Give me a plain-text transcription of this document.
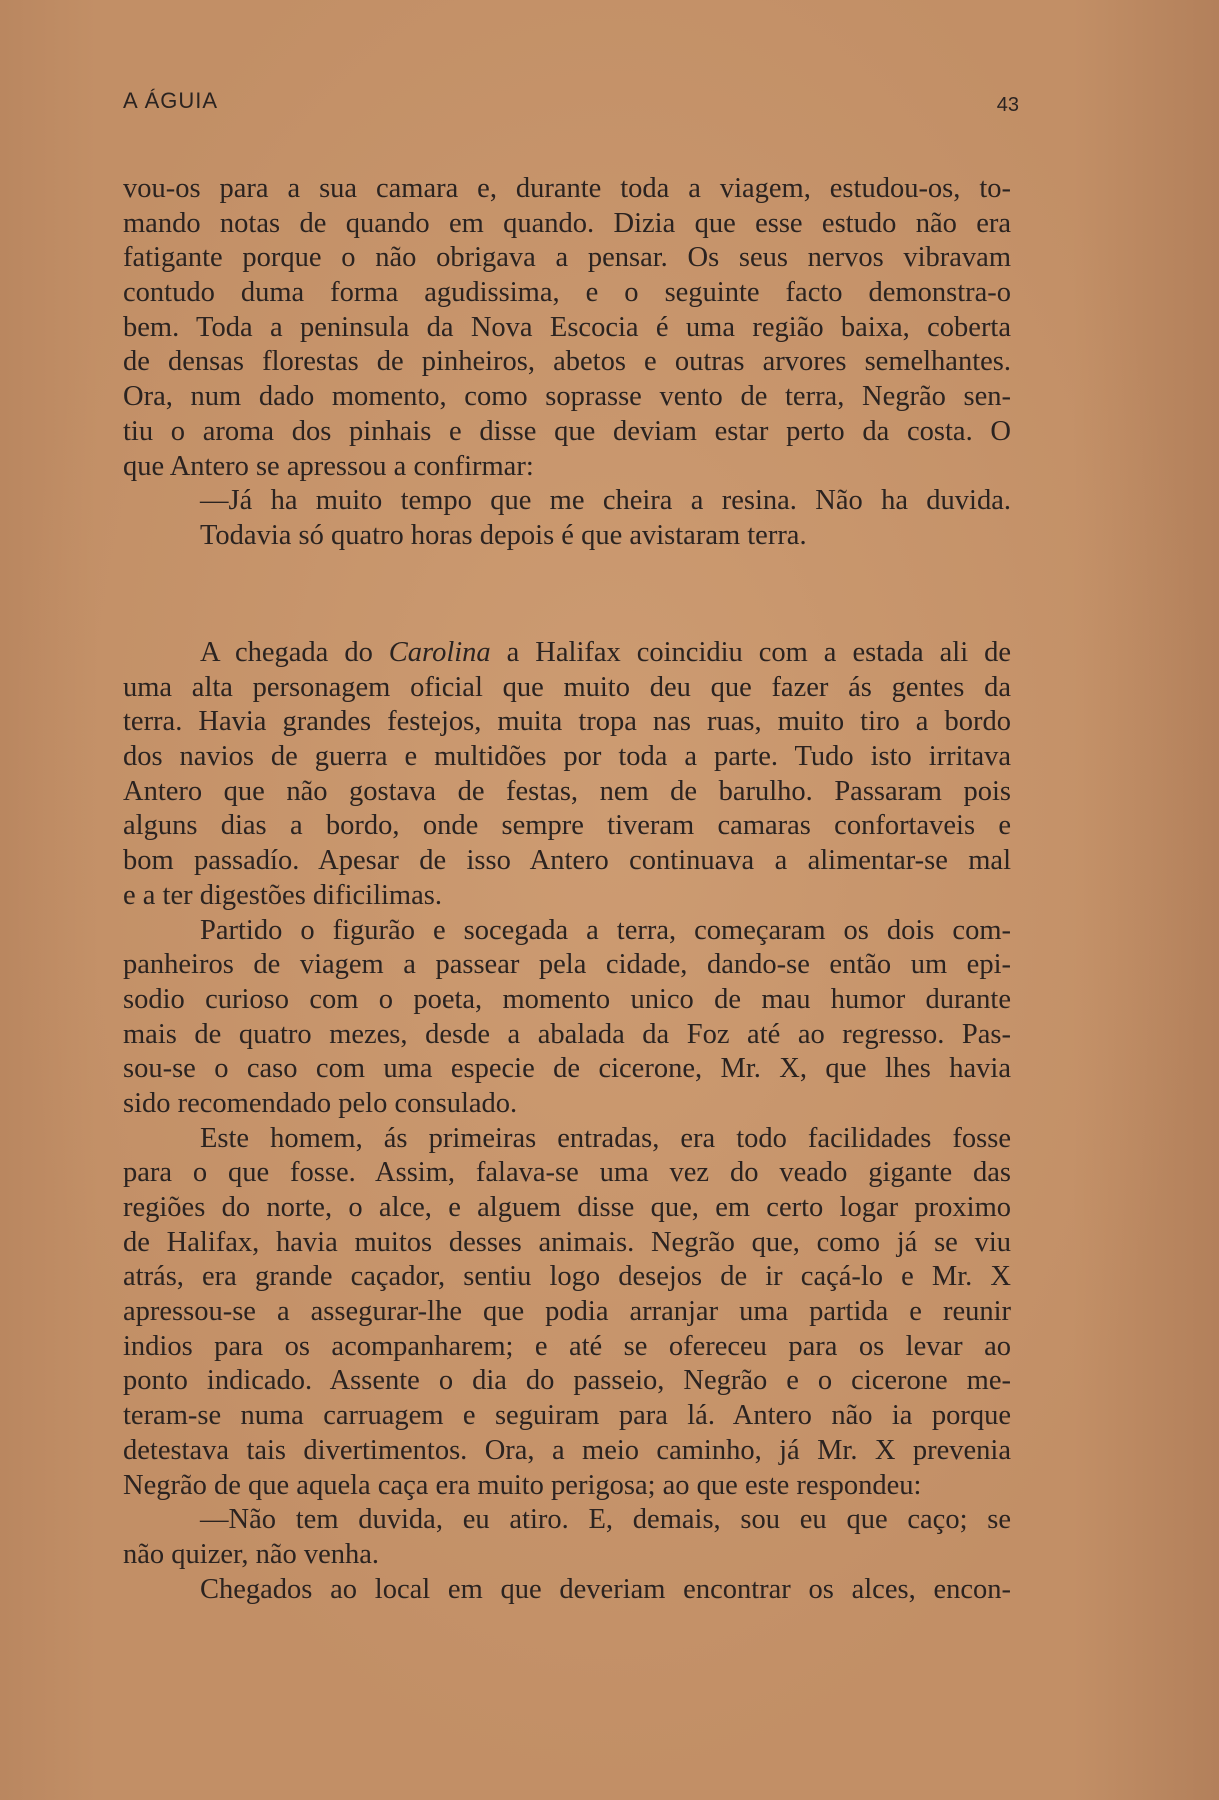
A ÁGUIA	43
vou-os para a sua camara e, durante toda a viagem, estudou-os, to-
mando notas de quando em quando. Dizia que esse estudo não era
fatigante porque o não obrigava a pensar. Os seus nervos vibravam
contudo duma forma agudissima, e o seguinte facto demonstra-o
bem. Toda a peninsula da Nova Escocia é uma região baixa, coberta
de densas florestas de pinheiros, abetos e outras arvores semelhantes.
Ora, num dado momento, como soprasse vento de terra, Negrão sen-
tiu o aroma dos pinhais e disse que deviam estar perto da costa. O
que Antero se apressou a confirmar:
—Já ha muito tempo que me cheira a resina. Não ha duvida.
Todavia só quatro horas depois é que avistaram terra.
A chegada do Carolina a Halifax coincidiu com a estada ali de
uma alta personagem oficial que muito deu que fazer ás gentes da
terra. Havia grandes festejos, muita tropa nas ruas, muito tiro a bordo
dos navios de guerra e multidões por toda a parte. Tudo isto irritava
Antero que não gostava de festas, nem de barulho. Passaram pois
alguns dias a bordo, onde sempre tiveram camaras confortaveis e
bom passadío. Apesar de isso Antero continuava a alimentar-se mal
e a ter digestões dificilimas.
Partido o figurão e socegada a terra, começaram os dois com-
panheiros de viagem a passear pela cidade, dando-se então um epi-
sodio curioso com o poeta, momento unico de mau humor durante
mais de quatro mezes, desde a abalada da Foz até ao regresso. Pas-
sou-se o caso com uma especie de cicerone, Mr. X, que lhes havia
sido recomendado pelo consulado.
Este homem, ás primeiras entradas, era todo facilidades fosse
para o que fosse. Assim, falava-se uma vez do veado gigante das
regiões do norte, o alce, e alguem disse que, em certo logar proximo
de Halifax, havia muitos desses animais. Negrão que, como já se viu
atrás, era grande caçador, sentiu logo desejos de ir caçá-lo e Mr. X
apressou-se a assegurar-lhe que podia arranjar uma partida e reunir
indios para os acompanharem; e até se ofereceu para os levar ao
ponto indicado. Assente o dia do passeio, Negrão e o cicerone me-
teram-se numa carruagem e seguiram para lá. Antero não ia porque
detestava tais divertimentos. Ora, a meio caminho, já Mr. X prevenia
Negrão de que aquela caça era muito perigosa; ao que este respondeu:
—Não tem duvida, eu atiro. E, demais, sou eu que caço; se
não quizer, não venha.
Chegados ao local em que deveriam encontrar os alces, encon-
